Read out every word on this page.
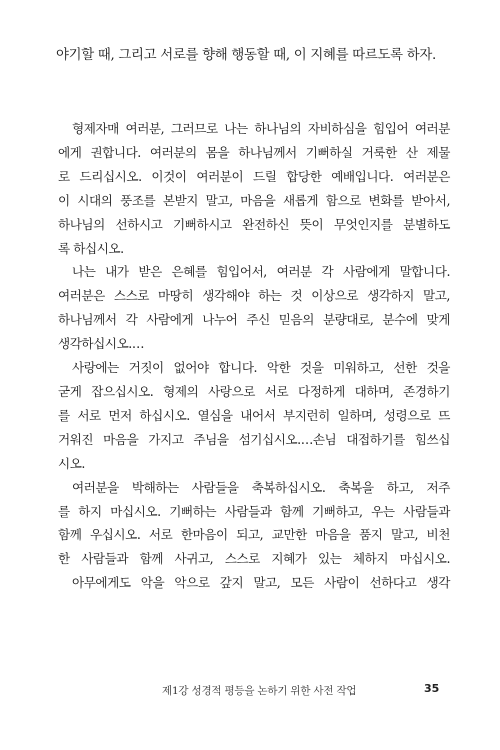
야기할 때, 그리고 서로를 향해 행동할 때, 이 지혜를 따르도록 하자.

형제자매 여러분, 그러므로 나는 하나님의 자비하심을 힘입어 여러분
에게 권합니다. 여러분의 몸을 하나님께서 기뻐하실 거룩한 산 제물
로 드리십시오. 이것이 여러분이 드릴 합당한 예배입니다. 여러분은
이 시대의 풍조를 본받지 말고, 마음을 새롭게 함으로 변화를 받아서,
하나님의 선하시고 기뻐하시고 완전하신 뜻이 무엇인지를 분별하도
록 하십시오.

나는 내가 받은 은혜를 힘입어서, 여러분 각 사람에게 말합니다.
여러분은 스스로 마땅히 생각해야 하는 것 이상으로 생각하지 말고,
하나님께서 각 사람에게 나누어 주신 믿음의 분량대로, 분수에 맞게
생각하십시오.…

사랑에는 거짓이 없어야 합니다. 악한 것을 미워하고, 선한 것을
굳게 잡으십시오. 형제의 사랑으로 서로 다정하게 대하며, 존경하기
를 서로 먼저 하십시오. 열심을 내어서 부지런히 일하며, 성령으로 뜨
거워진 마음을 가지고 주님을 섬기십시오.…손님 대접하기를 힘쓰십
시오.

여러분을 박해하는 사람들을 축복하십시오. 축복을 하고, 저주
를 하지 마십시오. 기뻐하는 사람들과 함께 기뻐하고, 우는 사람들과
함께 우십시오. 서로 한마음이 되고, 교만한 마음을 품지 말고, 비천
한 사람들과 함께 사귀고, 스스로 지혜가 있는 체하지 마십시오.

아무에게도 악을 악으로 갚지 말고, 모든 사람이 선하다고 생각

제1강 성경적 평등을 논하기 위한 사전 작업	35
